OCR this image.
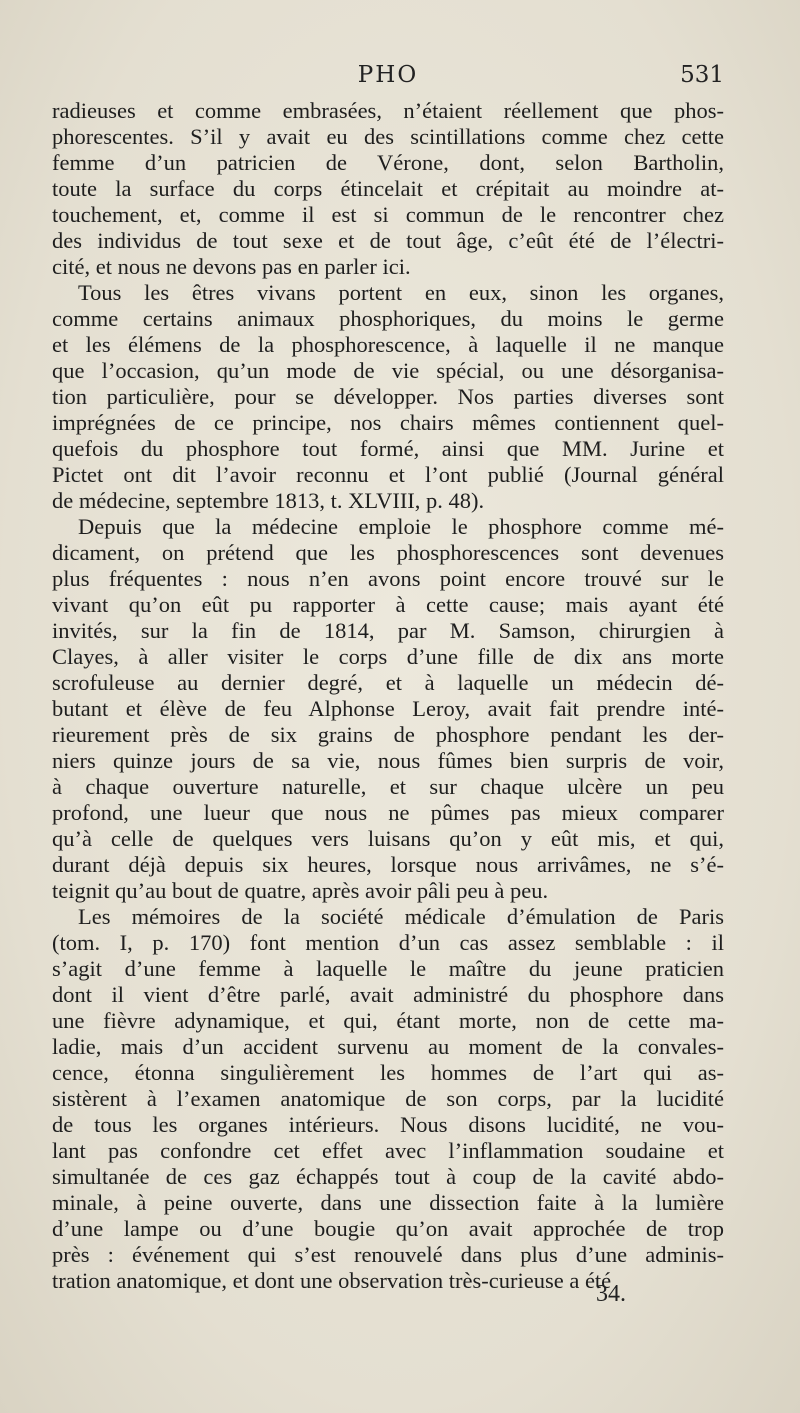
PHO	531

radieuses et comme embrasées, n’étaient réellement que phos-
phorescentes. S’il y avait eu des scintillations comme chez cette
femme d’un patricien de Vérone, dont, selon Bartholin,
toute la surface du corps étincelait et crépitait au moindre at-
touchement, et, comme il est si commun de le rencontrer chez
des individus de tout sexe et de tout âge, c’eût été de l’électri-
cité, et nous ne devons pas en parler ici.

Tous les êtres vivans portent en eux, sinon les organes,
comme certains animaux phosphoriques, du moins le germe
et les élémens de la phosphorescence, à laquelle il ne manque
que l’occasion, qu’un mode de vie spécial, ou une désorganisa-
tion particulière, pour se développer. Nos parties diverses sont
imprégnées de ce principe, nos chairs mêmes contiennent quel-
quefois du phosphore tout formé, ainsi que MM. Jurine et
Pictet ont dit l’avoir reconnu et l’ont publié (Journal général
de médecine, septembre 1813, t. XLVIII, p. 48).

Depuis que la médecine emploie le phosphore comme mé-
dicament, on prétend que les phosphorescences sont devenues
plus fréquentes : nous n’en avons point encore trouvé sur le
vivant qu’on eût pu rapporter à cette cause; mais ayant été
invités, sur la fin de 1814, par M. Samson, chirurgien à
Clayes, à aller visiter le corps d’une fille de dix ans morte
scrofuleuse au dernier degré, et à laquelle un médecin dé-
butant et élève de feu Alphonse Leroy, avait fait prendre inté-
rieurement près de six grains de phosphore pendant les der-
niers quinze jours de sa vie, nous fûmes bien surpris de voir,
à chaque ouverture naturelle, et sur chaque ulcère un peu
profond, une lueur que nous ne pûmes pas mieux comparer
qu’à celle de quelques vers luisans qu’on y eût mis, et qui,
durant déjà depuis six heures, lorsque nous arrivâmes, ne s’é-
teignit qu’au bout de quatre, après avoir pâli peu à peu.

Les mémoires de la société médicale d’émulation de Paris
(tom. I, p. 170) font mention d’un cas assez semblable : il
s’agit d’une femme à laquelle le maître du jeune praticien
dont il vient d’être parlé, avait administré du phosphore dans
une fièvre adynamique, et qui, étant morte, non de cette ma-
ladie, mais d’un accident survenu au moment de la convales-
cence, étonna singulièrement les hommes de l’art qui as-
sistèrent à l’examen anatomique de son corps, par la lucidité
de tous les organes intérieurs. Nous disons lucidité, ne vou-
lant pas confondre cet effet avec l’inflammation soudaine et
simultanée de ces gaz échappés tout à coup de la cavité abdo-
minale, à peine ouverte, dans une dissection faite à la lumière
d’une lampe ou d’une bougie qu’on avait approchée de trop
près : événement qui s’est renouvelé dans plus d’une adminis-
tration anatomique, et dont une observation très-curieuse a été

34.
